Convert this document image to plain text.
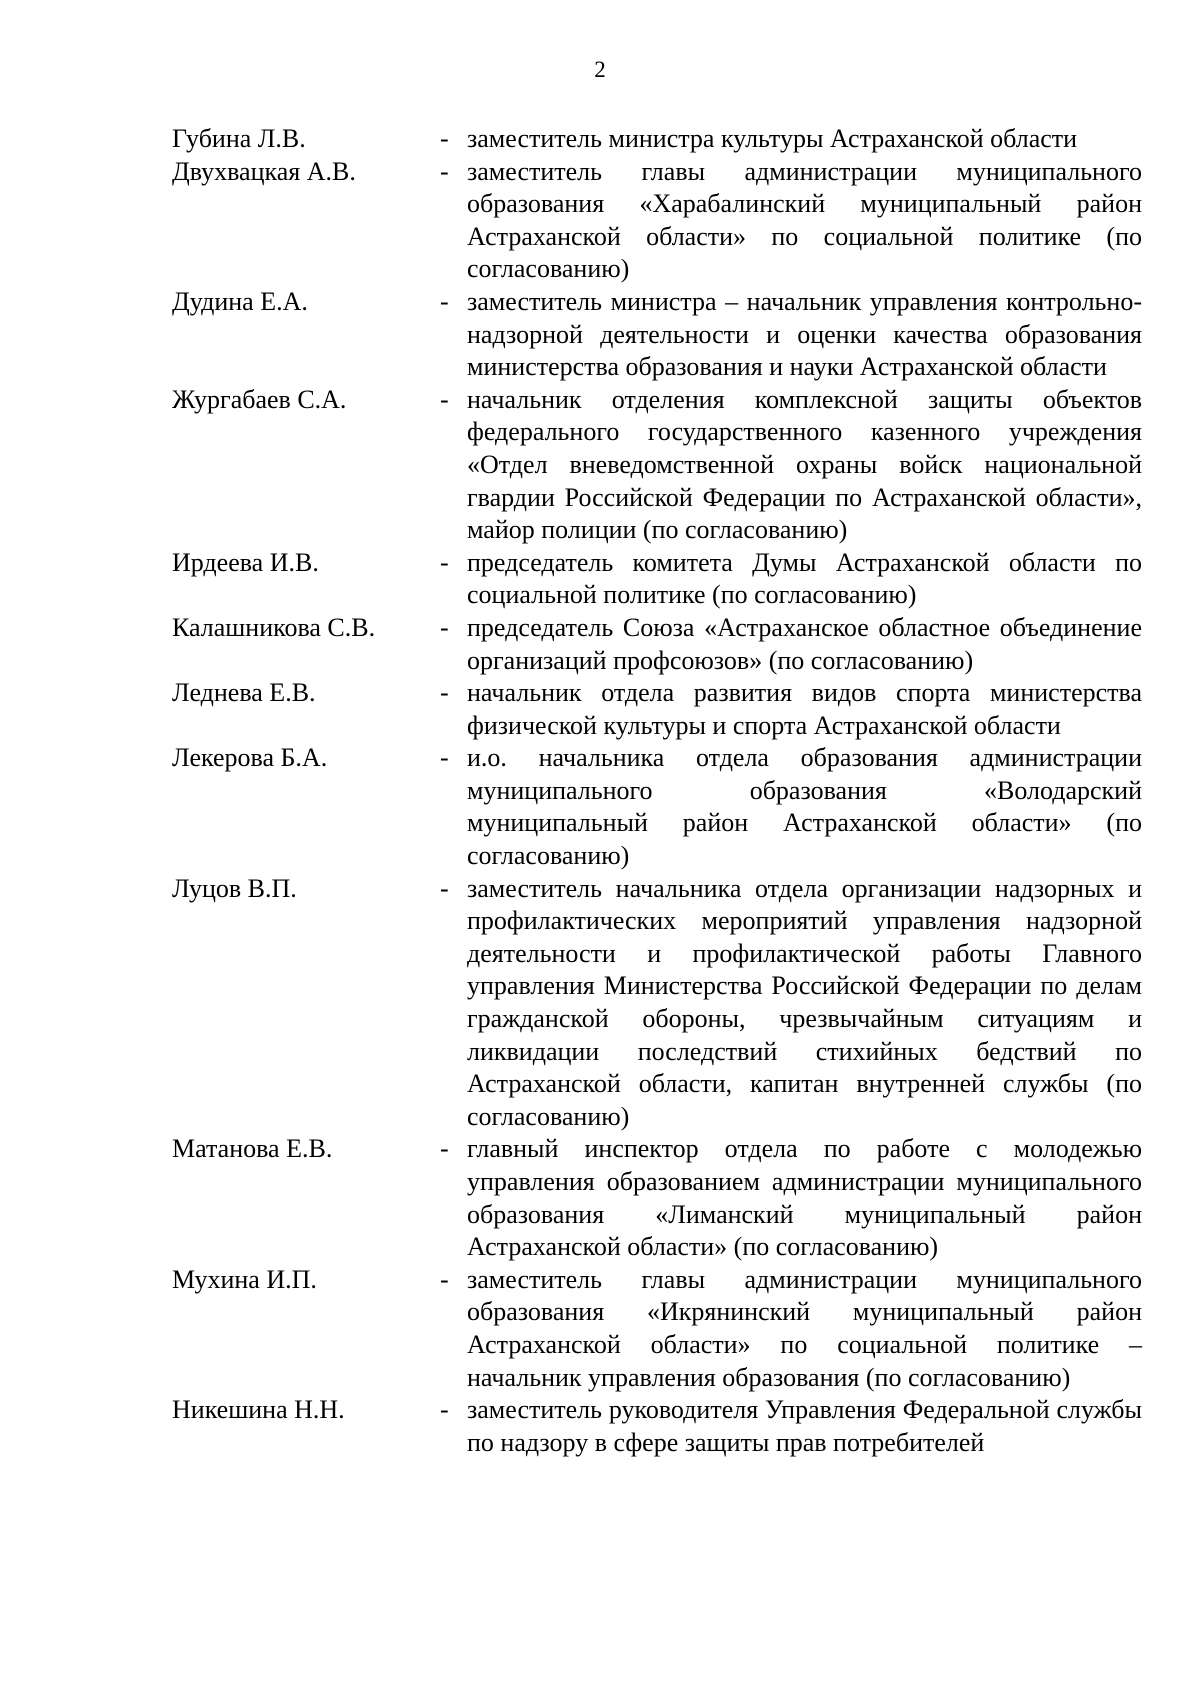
2
Губина Л.В.	- заместитель министра культуры Астраханской области
Двухвацкая А.В.	- заместитель главы администрации муниципального образования «Харабалинский муниципальный район Астраханской области» по социальной политике (по согласованию)
Дудина Е.А.	- заместитель министра – начальник управления контрольно-надзорной деятельности и оценки качества образования министерства образования и науки Астраханской области
Жургабаев С.А.	- начальник отделения комплексной защиты объектов федерального государственного казенного учреждения «Отдел вневедомственной охраны войск национальной гвардии Российской Федерации по Астраханской области», майор полиции (по согласованию)
Ирдеева И.В.	- председатель комитета Думы Астраханской области по социальной политике (по согласованию)
Калашникова С.В.	- председатель Союза «Астраханское областное объединение организаций профсоюзов» (по согласованию)
Леднева Е.В.	- начальник отдела развития видов спорта министерства физической культуры и спорта Астраханской области
Лекерова Б.А.	- и.о. начальника отдела образования администрации муниципального образования «Володарский муниципальный район Астраханской области» (по согласованию)
Луцов В.П.	- заместитель начальника отдела организации надзорных и профилактических мероприятий управления надзорной деятельности и профилактической работы Главного управления Министерства Российской Федерации по делам гражданской обороны, чрезвычайным ситуациям и ликвидации последствий стихийных бедствий по Астраханской области, капитан внутренней службы (по согласованию)
Матанова Е.В.	- главный инспектор отдела по работе с молодежью управления образованием администрации муниципального образования «Лиманский муниципальный район Астраханской области» (по согласованию)
Мухина И.П.	- заместитель главы администрации муниципального образования «Икрянинский муниципальный район Астраханской области» по социальной политике – начальник управления образования (по согласованию)
Никешина Н.Н.	- заместитель руководителя Управления Федеральной службы по надзору в сфере защиты прав потребителей
